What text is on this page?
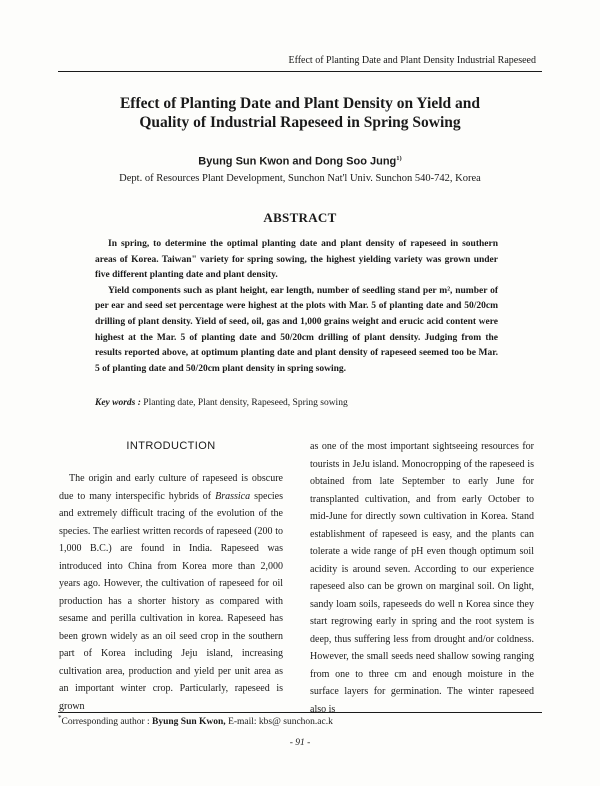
Effect of Planting Date and Plant Density Industrial Rapeseed
Effect of Planting Date and Plant Density on Yield and
Quality of Industrial Rapeseed in Spring Sowing
Byung Sun Kwon and Dong Soo Jung$^{1)}$
Dept. of Resources Plant Development, Sunchon Nat'l Univ. Sunchon 540-742, Korea
ABSTRACT

In spring, to determine the optimal planting date and plant density of rapeseed in southern areas of Korea. Taiwan" variety for spring sowing, the highest yielding variety was grown under five different planting date and plant density.

Yield components such as plant height, ear length, number of seedling stand per m², number of per ear and seed set percentage were highest at the plots with Mar. 5 of planting date and 50/20cm drilling of plant density. Yield of seed, oil, gas and 1,000 grains weight and erucic acid content were highest at the Mar. 5 of planting date and 50/20cm drilling of plant density. Judging from the results reported above, at optimum planting date and plant density of rapeseed seemed too be Mar. 5 of planting date and 50/20cm plant density in spring sowing.

Key words : Planting date, Plant density, Rapeseed, Spring sowing
INTRODUCTION

The origin and early culture of rapeseed is obscure due to many interspecific hybrids of Brassica species and extremely difficult tracing of the evolution of the species. The earliest written records of rapeseed (200 to 1,000 B.C.) are found in India. Rapeseed was introduced into China from Korea more than 2,000 years ago. However, the cultivation of rapeseed for oil production has a shorter history as compared with sesame and perilla cultivation in korea. Rapeseed has been grown widely as an oil seed crop in the southern part of Korea including Jeju island, increasing cultivation area, production and yield per unit area as an important winter crop. Particularly, rapeseed is grown

as one of the most important sightseeing resources for tourists in JeJu island. Monocropping of the rapeseed is obtained from late September to early June for transplanted cultivation, and from early October to mid-June for directly sown cultivation in Korea. Stand establishment of rapeseed is easy, and the plants can tolerate a wide range of pH even though optimum soil acidity is around seven. According to our experience rapeseed also can be grown on marginal soil. On light, sandy loam soils, rapeseeds do well n Korea since they start regrowing early in spring and the root system is deep, thus suffering less from drought and/or coldness. However, the small seeds need shallow sowing ranging from one to three cm and enough moisture in the surface layers for germination. The winter rapeseed also is

*Corresponding author : Byung Sun Kwon, E-mail: kbs@ sunchon.ac.k
- 91 -
